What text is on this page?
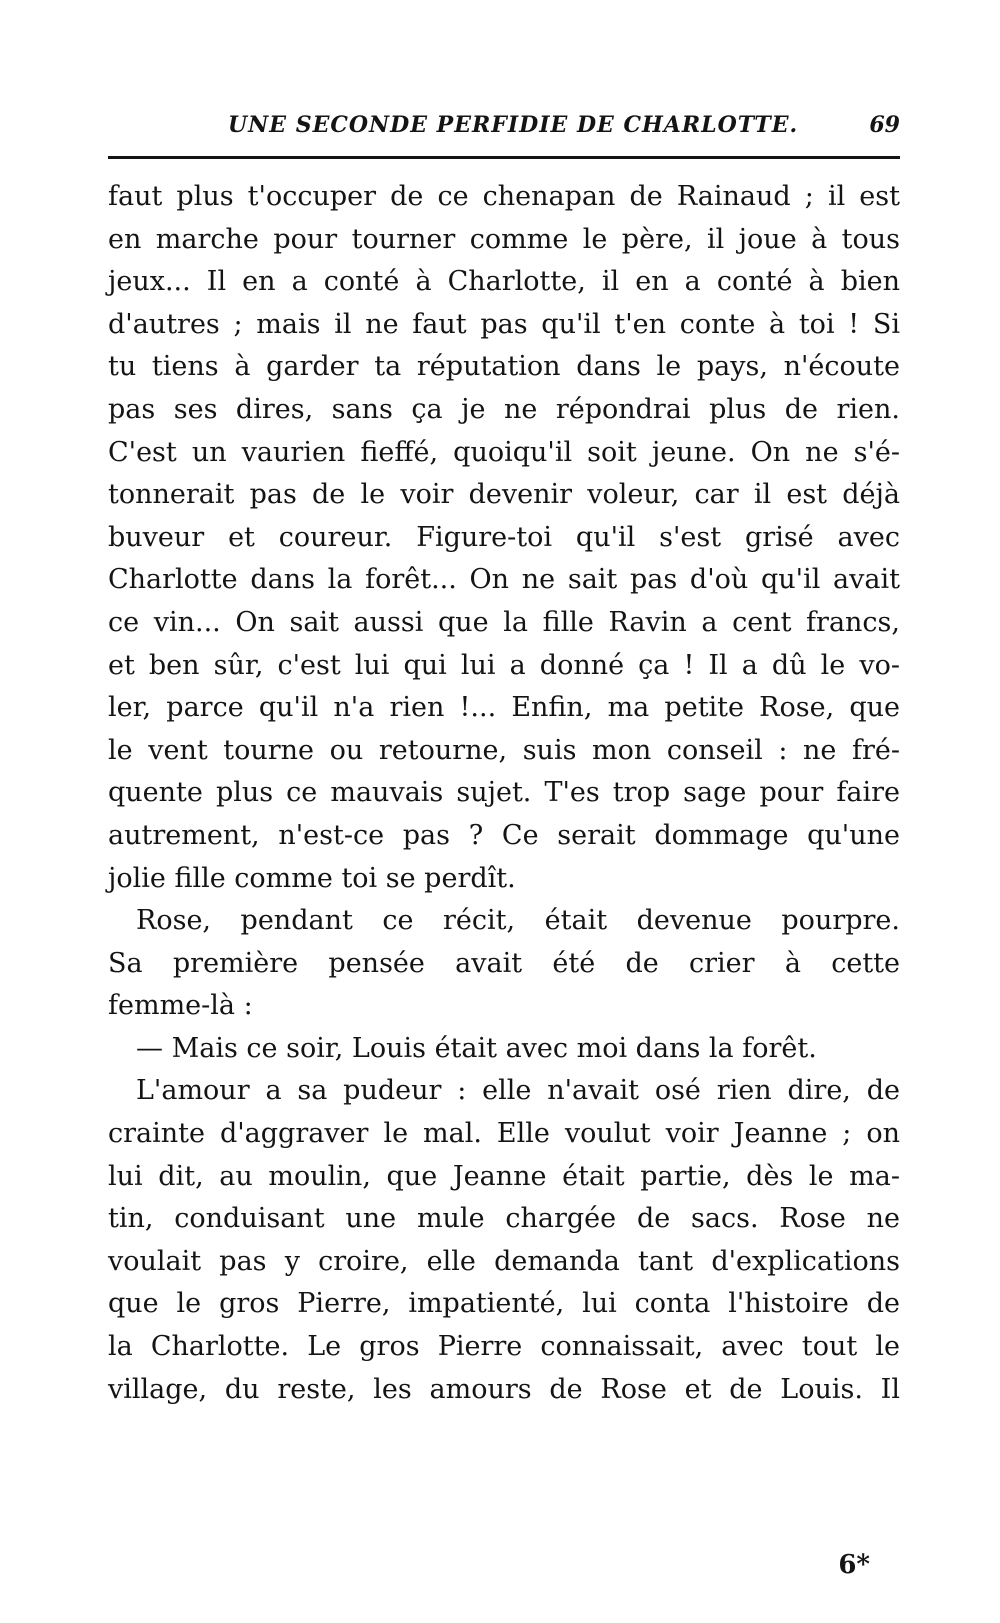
UNE SECONDE PERFIDIE DE CHARLOTTE.	69
faut plus t'occuper de ce chenapan de Rainaud ; il est
en marche pour tourner comme le père, il joue à tous
jeux... Il en a conté à Charlotte, il en a conté à bien
d'autres ; mais il ne faut pas qu'il t'en conte à toi ! Si
tu tiens à garder ta réputation dans le pays, n'écoute
pas ses dires, sans ça je ne répondrai plus de rien.
C'est un vaurien fieffé, quoiqu'il soit jeune. On ne s'é-
tonnerait pas de le voir devenir voleur, car il est déjà
buveur et coureur. Figure-toi qu'il s'est grisé avec
Charlotte dans la forêt... On ne sait pas d'où qu'il avait
ce vin... On sait aussi que la fille Ravin a cent francs,
et ben sûr, c'est lui qui lui a donné ça ! Il a dû le vo-
ler, parce qu'il n'a rien !... Enfin, ma petite Rose, que
le vent tourne ou retourne, suis mon conseil : ne fré-
quente plus ce mauvais sujet. T'es trop sage pour faire
autrement, n'est-ce pas ? Ce serait dommage qu'une
jolie fille comme toi se perdît.
Rose, pendant ce récit, était devenue pourpre.
Sa première pensée avait été de crier à cette
femme-là :
— Mais ce soir, Louis était avec moi dans la forêt.
L'amour a sa pudeur : elle n'avait osé rien dire, de
crainte d'aggraver le mal. Elle voulut voir Jeanne ; on
lui dit, au moulin, que Jeanne était partie, dès le ma-
tin, conduisant une mule chargée de sacs. Rose ne
voulait pas y croire, elle demanda tant d'explications
que le gros Pierre, impatienté, lui conta l'histoire de
la Charlotte. Le gros Pierre connaissait, avec tout le
village, du reste, les amours de Rose et de Louis. Il
6*
